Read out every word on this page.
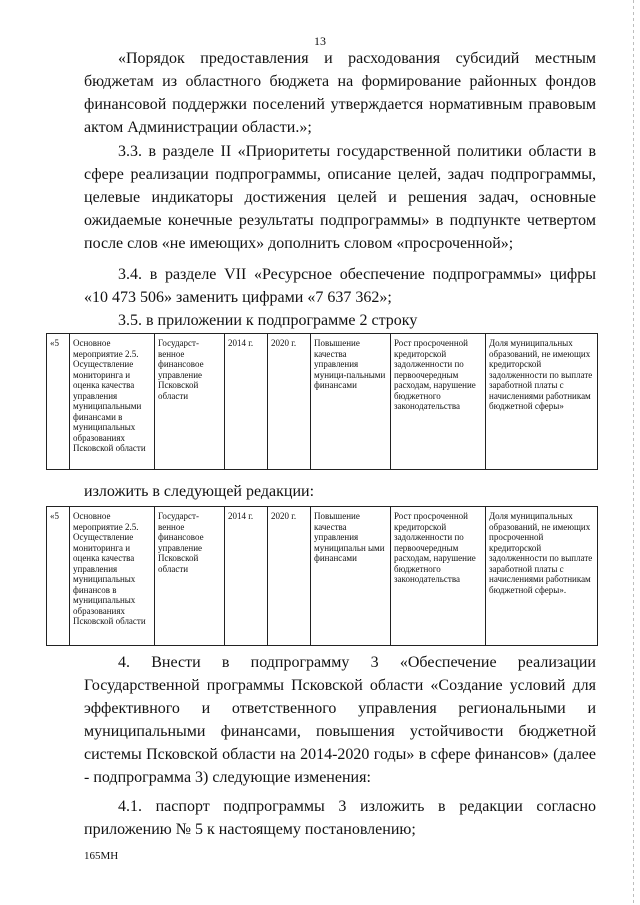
13

«Порядок предоставления и расходования субсидий местным бюджетам из областного бюджета на формирование районных фондов финансовой поддержки поселений утверждается нормативным правовым актом Администрации области.»;

3.3. в разделе II «Приоритеты государственной политики области в сфере реализации подпрограммы, описание целей, задач подпрограммы, целевые индикаторы достижения целей и решения задач, основные ожидаемые конечные результаты подпрограммы» в подпункте четвертом после слов «не имеющих» дополнить словом «просроченной»;

3.4. в разделе VII «Ресурсное обеспечение подпрограммы» цифры «10 473 506» заменить цифрами «7 637 362»;

3.5. в приложении к подпрограмме 2 строку

«5	Основное мероприятие 2.5. Осуществление мониторинга и оценка качества управления муниципальными финансами в муниципальных образованиях Псковской области	Государст-венное финансовое управление Псковской области	2014 г.	2020 г.	Повышение качества управления муници-пальными финансами	Рост просроченной кредиторской задолженности по первоочередным расходам, нарушение бюджетного законодательства	Доля муниципальных образований, не имеющих кредиторской задолженности по выплате заработной платы с начислениями работникам бюджетной сферы»

изложить в следующей редакции:

«5	Основное мероприятие 2.5. Осуществление мониторинга и оценка качества управления муниципальных финансов в муниципальных образованиях Псковской области	Государст-венное финансовое управление Псковской области	2014 г.	2020 г.	Повышение качества управления муниципальн ыми финансами	Рост просроченной кредиторской задолженности по первоочередным расходам, нарушение бюджетного законодательства	Доля муниципальных образований, не имеющих просроченной кредиторской задолженности по выплате заработной платы с начислениями работникам бюджетной сферы».

4. Внести в подпрограмму 3 «Обеспечение реализации Государственной программы Псковской области «Создание условий для эффективного и ответственного управления региональными и муниципальными финансами, повышения устойчивости бюджетной системы Псковской области на 2014-2020 годы» в сфере финансов» (далее - подпрограмма 3) следующие изменения:

4.1. паспорт подпрограммы 3 изложить в редакции согласно приложению № 5 к настоящему постановлению;

165МН
